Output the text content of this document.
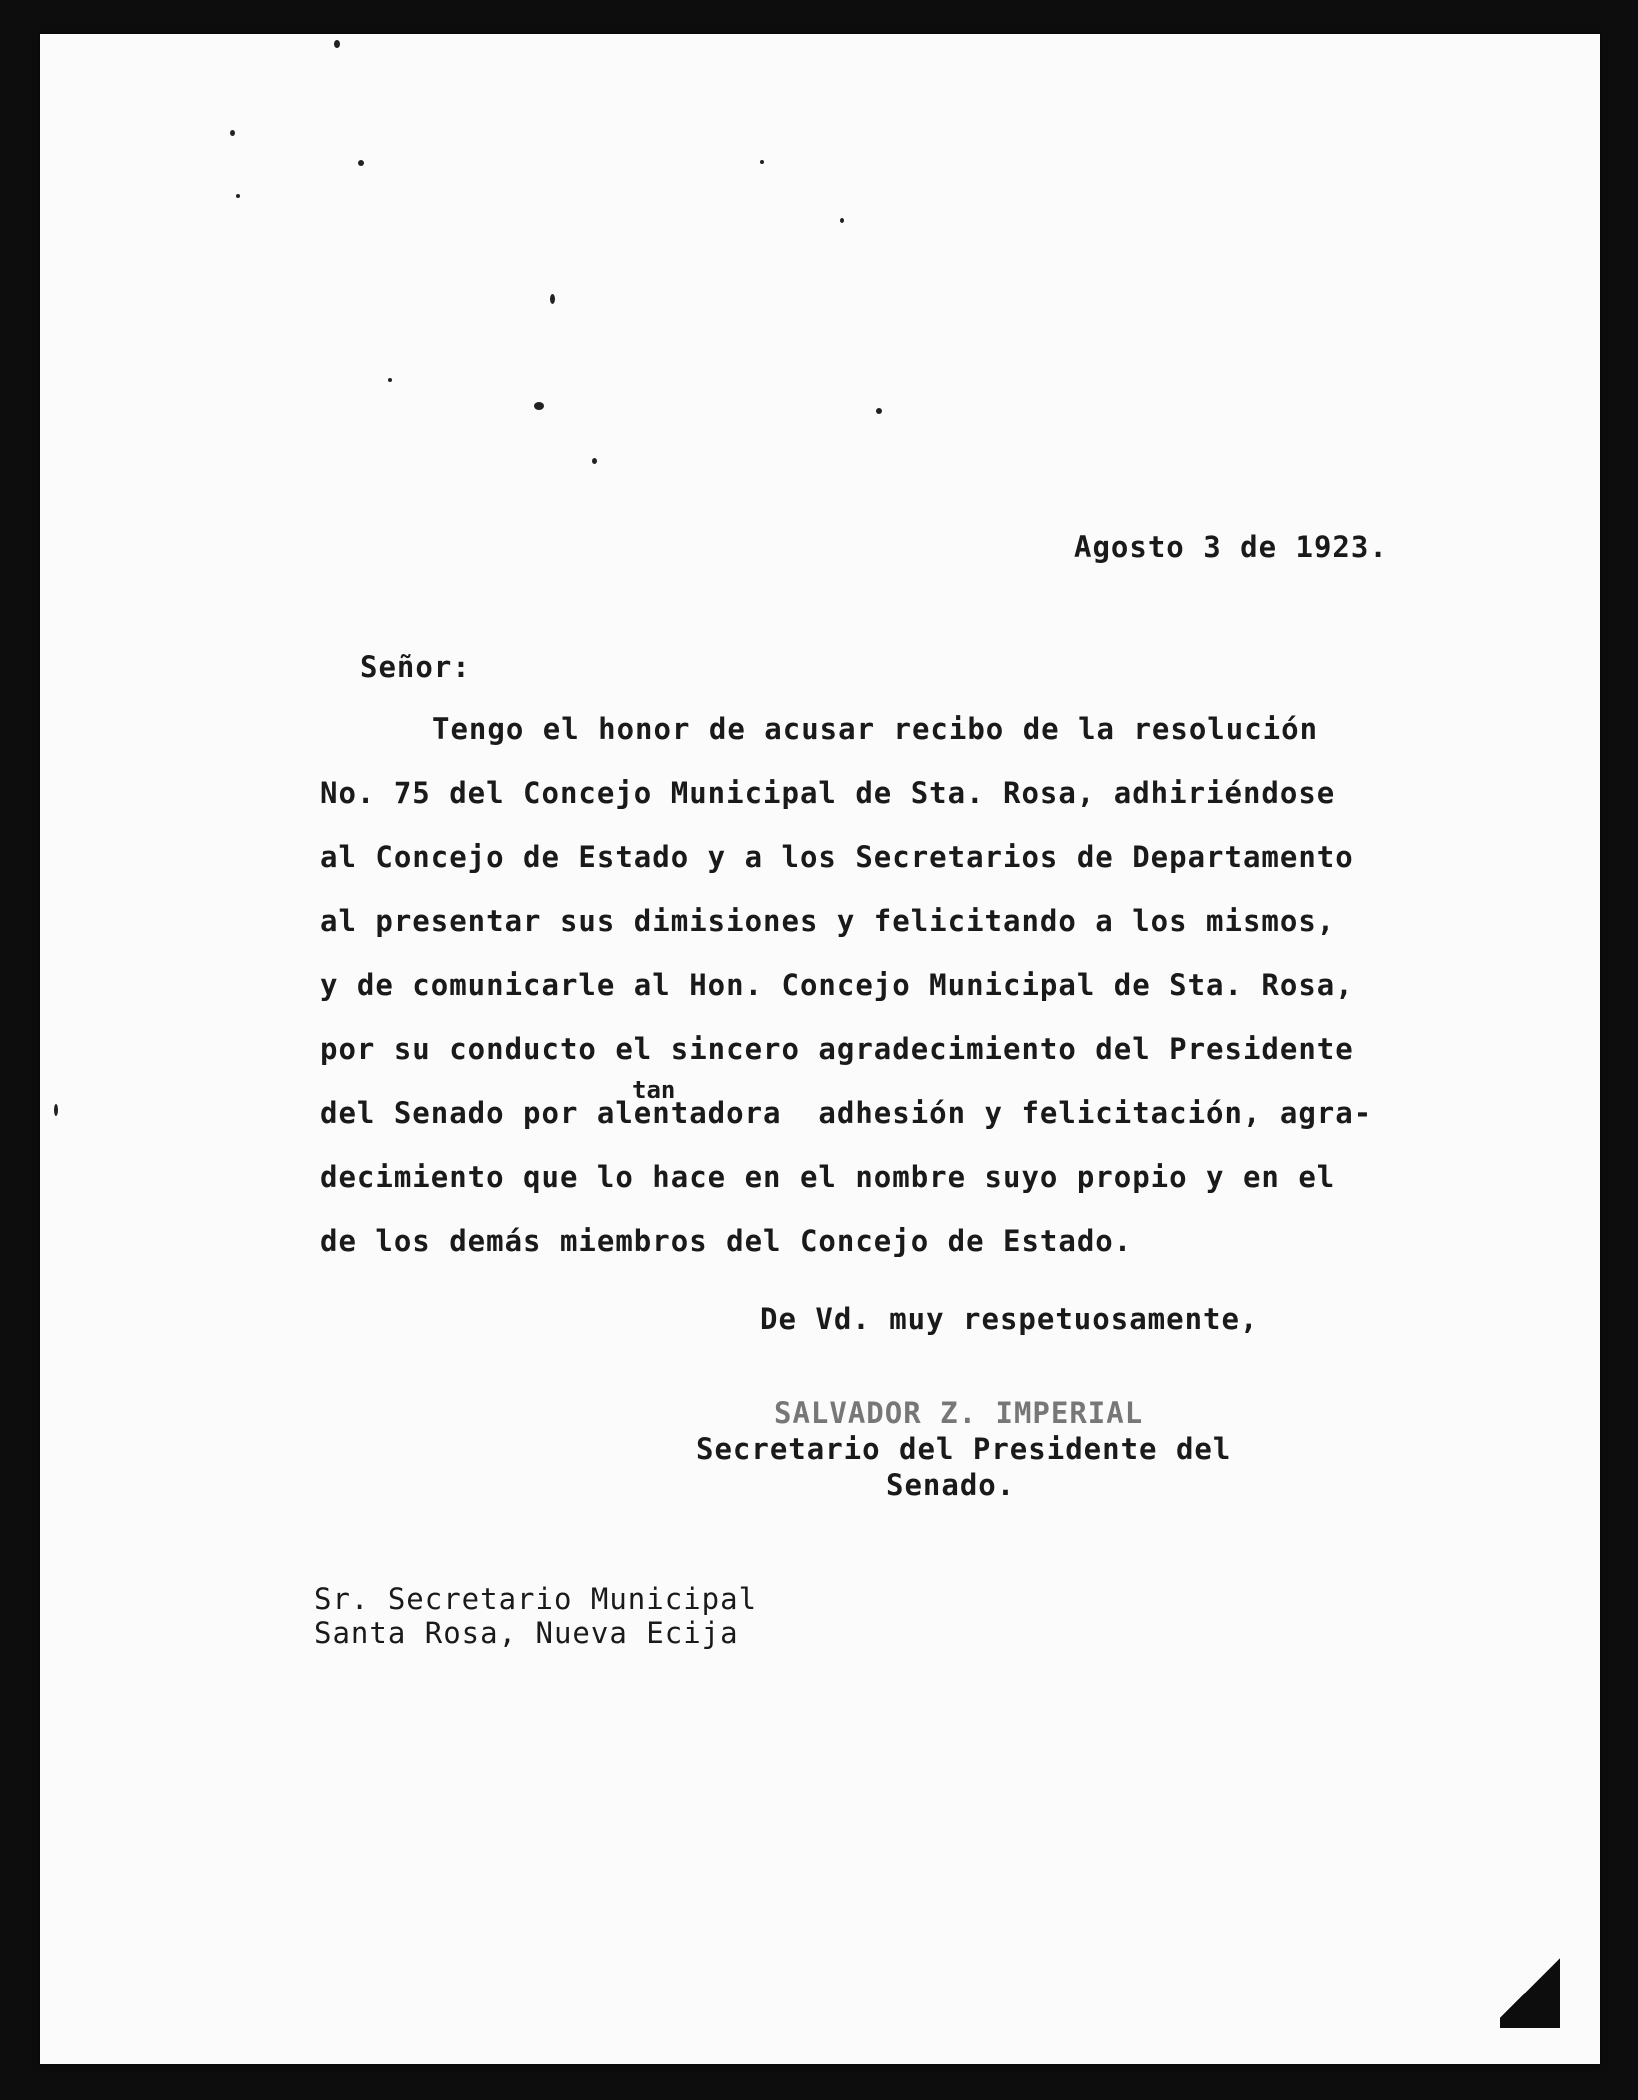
Agosto 3 de 1923.
Señor:
Tengo el honor de acusar recibo de la resolución
No. 75 del Concejo Municipal de Sta. Rosa, adhiriéndose
al Concejo de Estado y a los Secretarios de Departamento
al presentar sus dimisiones y felicitando a los mismos,
y de comunicarle al Hon. Concejo Municipal de Sta. Rosa,
por su conducto el sincero agradecimiento del Presidente
tan
del Senado por alentadora  adhesión y felicitación, agra-
decimiento que lo hace en el nombre suyo propio y en el
de los demás miembros del Concejo de Estado.
De Vd. muy respetuosamente,
SALVADOR Z. IMPERIAL
Secretario del Presidente del
Senado.
Sr. Secretario Municipal
Santa Rosa, Nueva Ecija
